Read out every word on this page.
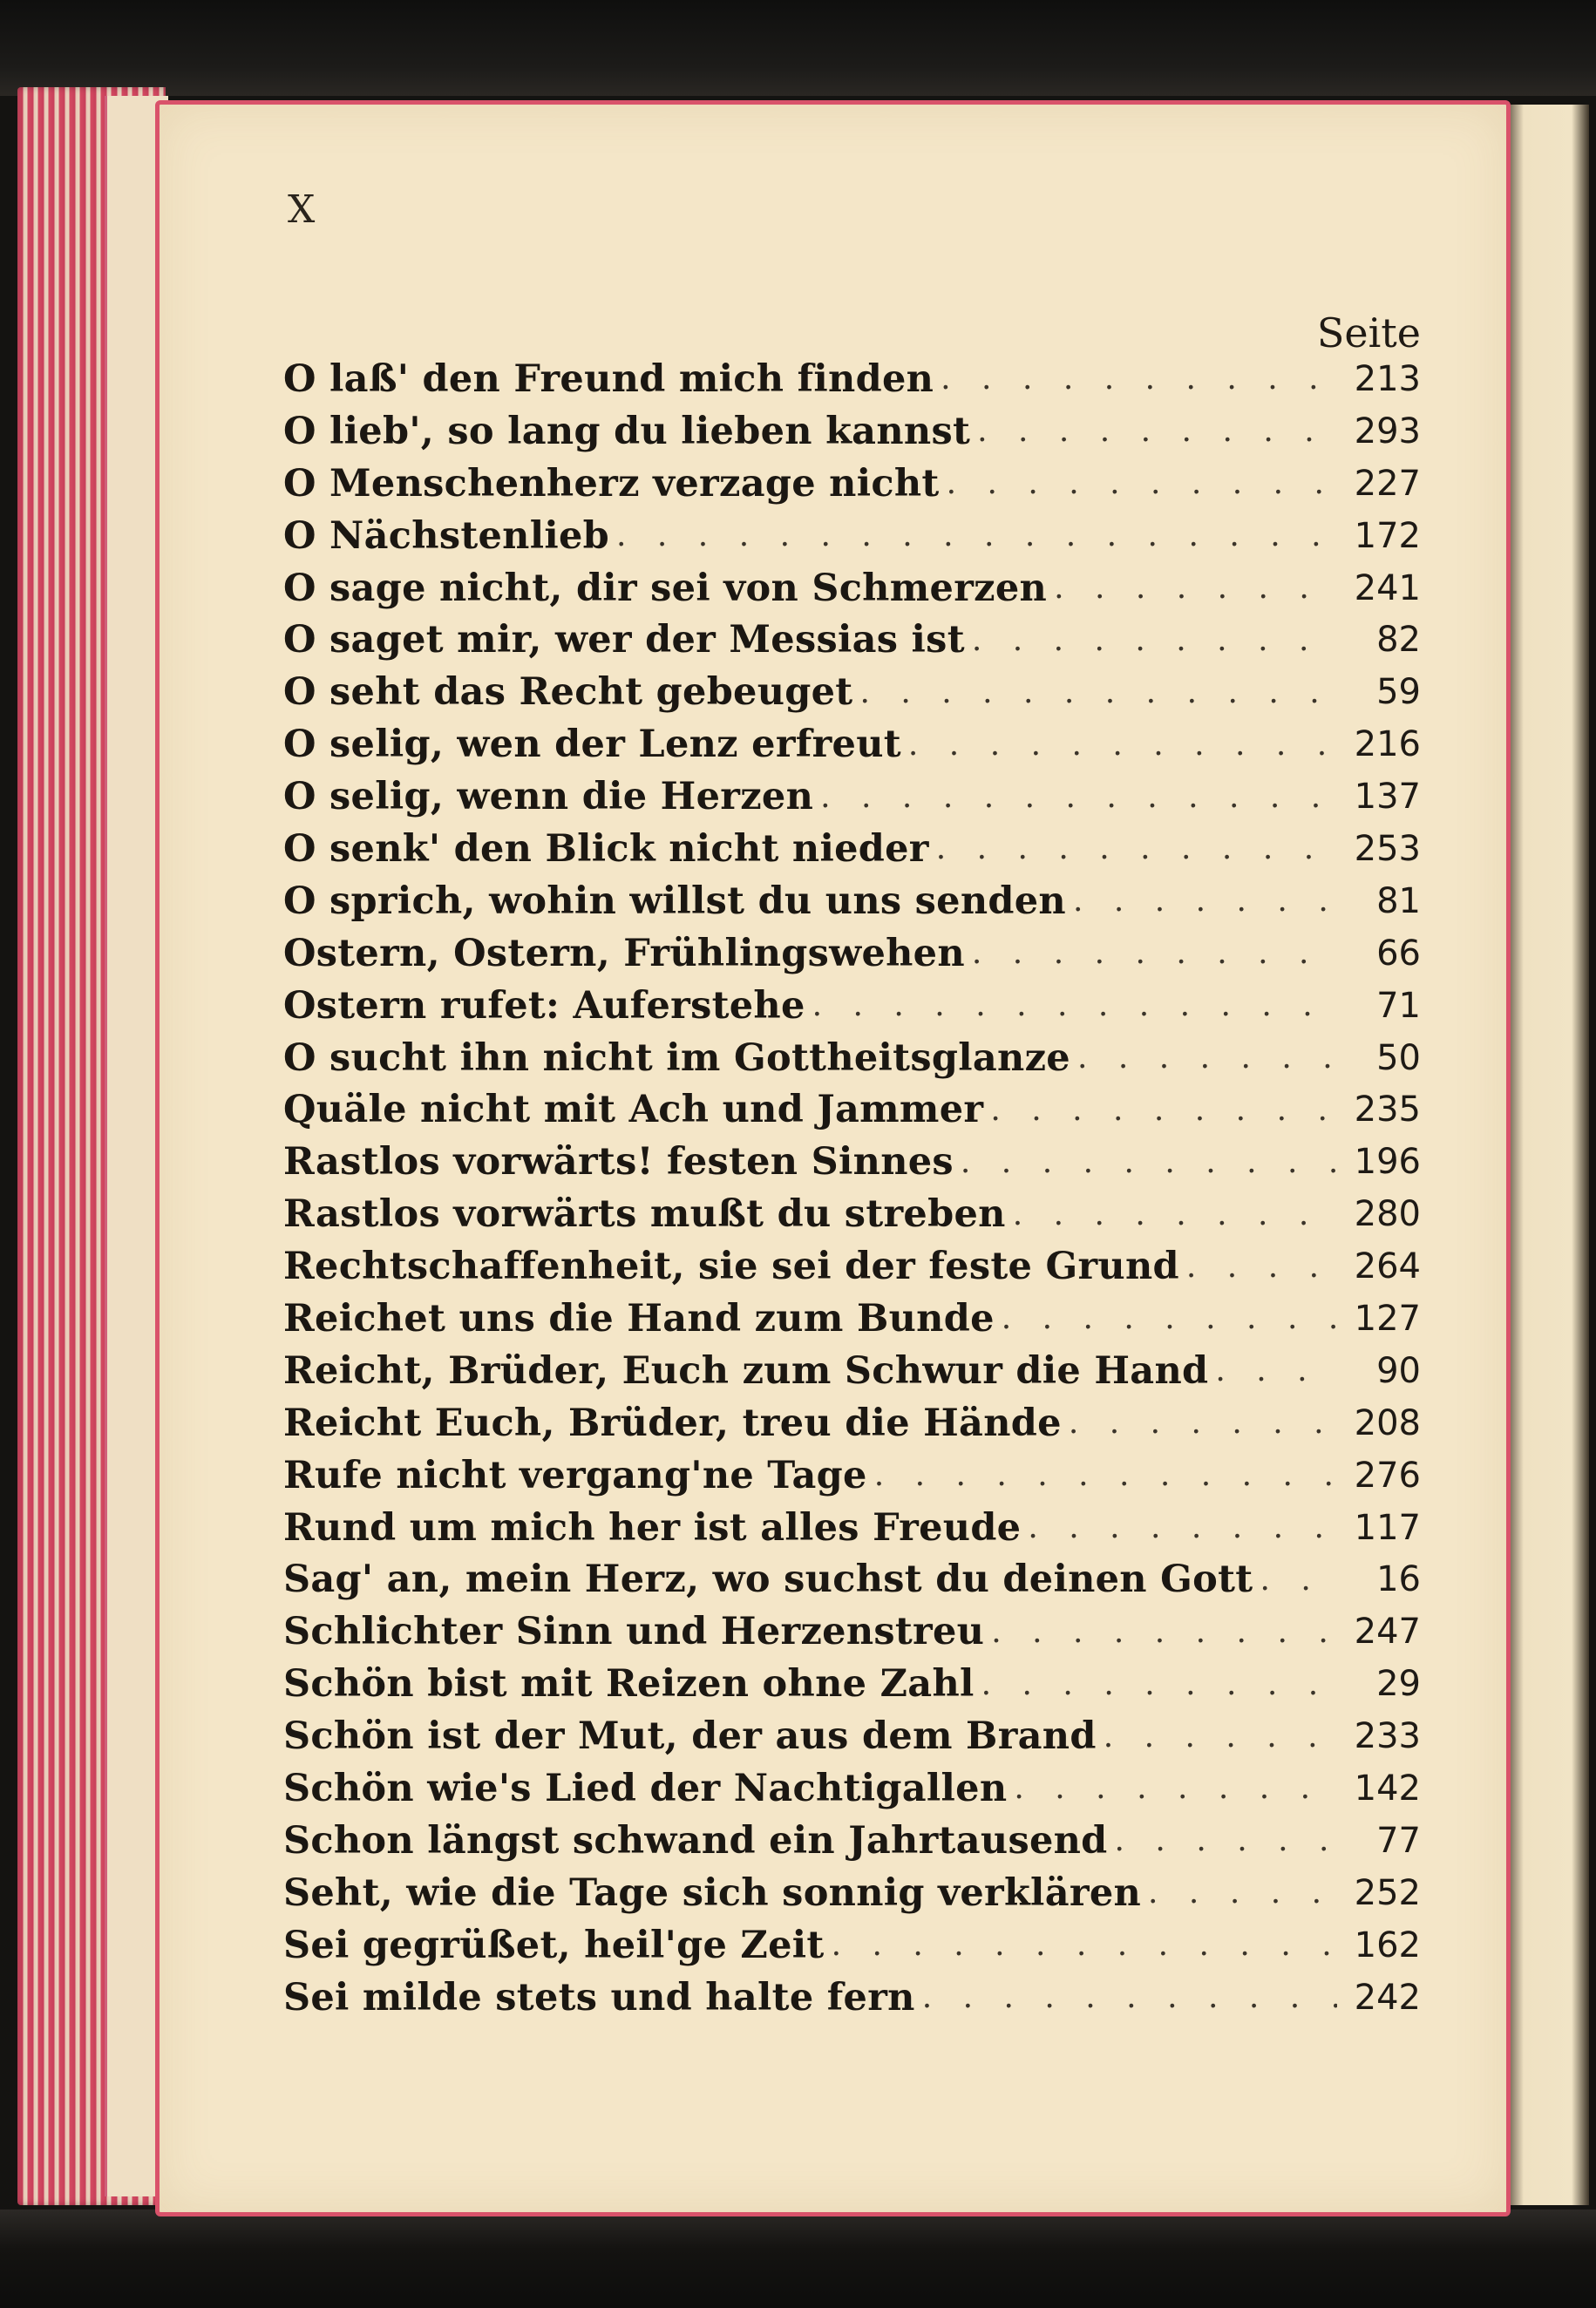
X
Seite
O laß' den Freund mich finden . . .	213
O lieb', so lang du lieben kannst . . .	293
O Menschenherz verzage nicht . . .	227
O Nächstenlieb . . .	172
O sage nicht, dir sei von Schmerzen . . .	241
O saget mir, wer der Messias ist . . .	82
O seht das Recht gebeuget . . .	59
O selig, wen der Lenz erfreut . . .	216
O selig, wenn die Herzen . . .	137
O senk' den Blick nicht nieder . . .	253
O sprich, wohin willst du uns senden . . .	81
Ostern, Ostern, Frühlingswehen . . .	66
Ostern rufet: Auferstehe . . .	71
O sucht ihn nicht im Gottheitsglanze . . .	50
Quäle nicht mit Ach und Jammer . . .	235
Rastlos vorwärts! festen Sinnes . . .	196
Rastlos vorwärts mußt du streben . . .	280
Rechtschaffenheit, sie sei der feste Grund . . .	264
Reichet uns die Hand zum Bunde . . .	127
Reicht, Brüder, Euch zum Schwur die Hand . . .	90
Reicht Euch, Brüder, treu die Hände . . .	208
Rufe nicht vergang'ne Tage . . .	276
Rund um mich her ist alles Freude . . .	117
Sag' an, mein Herz, wo suchst du deinen Gott . . .	16
Schlichter Sinn und Herzenstreu . . .	247
Schön bist mit Reizen ohne Zahl . . .	29
Schön ist der Mut, der aus dem Brand . . .	233
Schön wie's Lied der Nachtigallen . . .	142
Schon längst schwand ein Jahrtausend . . .	77
Seht, wie die Tage sich sonnig verklären . . .	252
Sei gegrüßet, heil'ge Zeit . . .	162
Sei milde stets und halte fern . . .	242
